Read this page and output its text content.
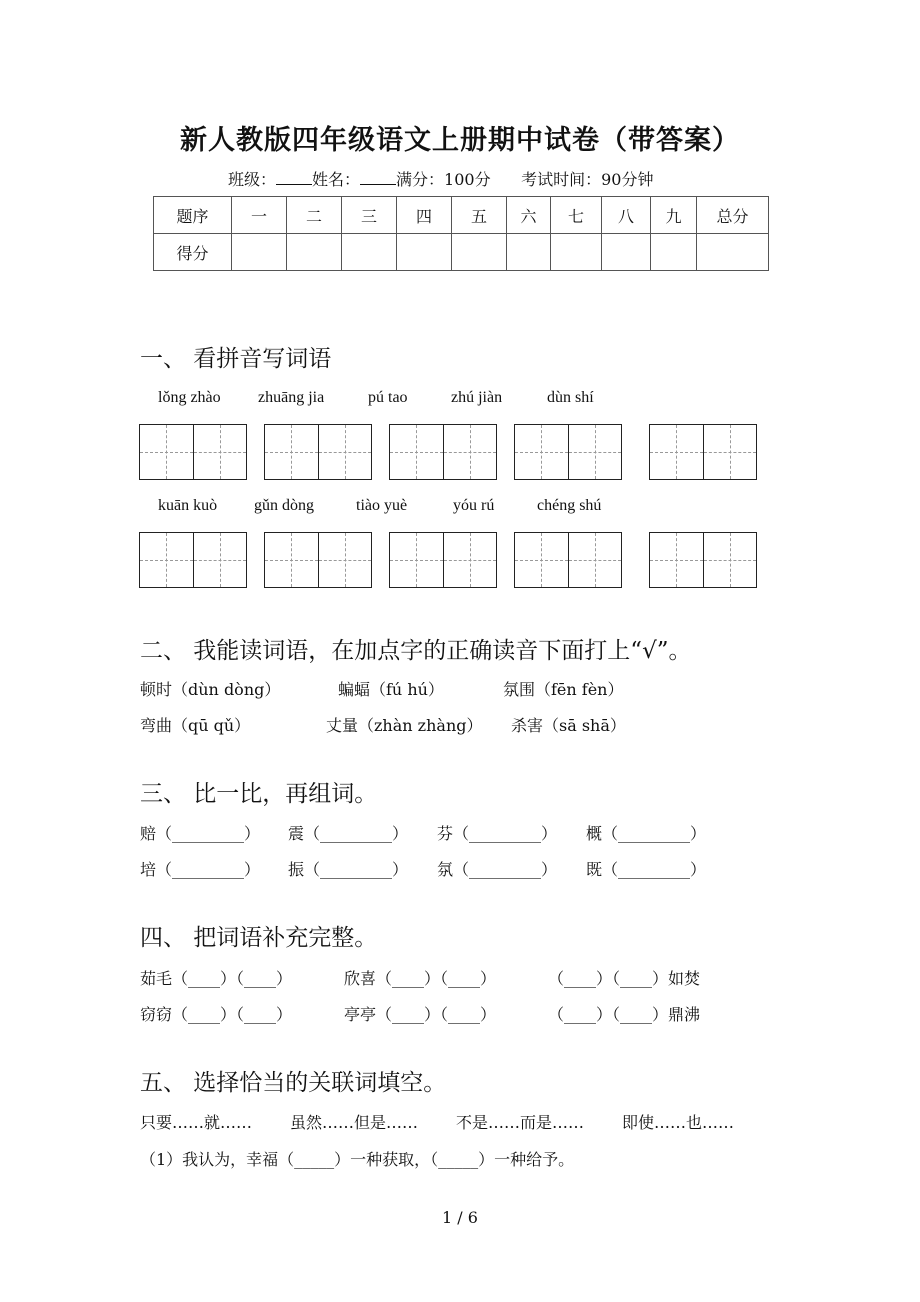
新人教版四年级语文上册期中试卷（带答案）
班级： 姓名： 满分：100分 考试时间：90分钟
题序	一	二	三	四	五	六	七	八	九	总分
得分										
一、 看拼音写词语
lǒng zhào zhuāng jia	pú tao	zhú jiàn	dùn shí
kuān kuò gǔn dòng	tiào yuè	yóu rú	chéng shú
二、 我能读词语，在加点字的正确读音下面打上“√”。
顿时（dùn dòng）	蝙蝠（fú hú）	氛围（fēn fèn）
弯曲（qū qǔ）	丈量（zhàn zhàng） 杀害（sā shā）
三、 比一比，再组词。
赔（_________） 震（_________） 芬（_________） 概（_________）
培（_________） 振（_________） 氛（_________） 既（_________）
四、 把词语补充完整。
茹毛（____）（____）	欣喜（____）（____）	（____）（____）如焚
窃窃（____）（____）	亭亭（____）（____）	（____）（____）鼎沸
五、 选择恰当的关联词填空。
只要……就…… 虽然……但是…… 不是……而是…… 即使……也……
（1）我认为，幸福（_____）一种获取，（_____）一种给予。
1 / 6
